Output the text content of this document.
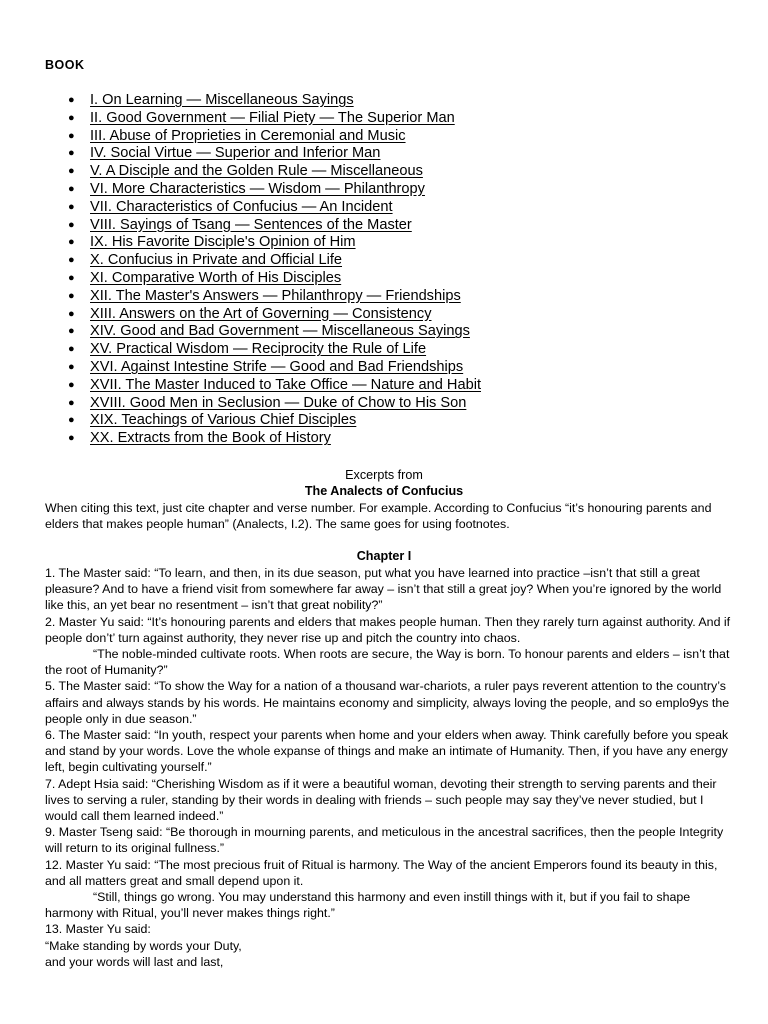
BOOK
● I. On Learning — Miscellaneous Sayings
● II. Good Government — Filial Piety — The Superior Man
● III. Abuse of Proprieties in Ceremonial and Music
● IV. Social Virtue — Superior and Inferior Man
● V. A Disciple and the Golden Rule — Miscellaneous
● VI. More Characteristics — Wisdom — Philanthropy
● VII. Characteristics of Confucius — An Incident
● VIII. Sayings of Tsang — Sentences of the Master
● IX. His Favorite Disciple's Opinion of Him
● X. Confucius in Private and Official Life
● XI. Comparative Worth of His Disciples
● XII. The Master's Answers — Philanthropy — Friendships
● XIII. Answers on the Art of Governing — Consistency
● XIV. Good and Bad Government — Miscellaneous Sayings
● XV. Practical Wisdom — Reciprocity the Rule of Life
● XVI. Against Intestine Strife — Good and Bad Friendships
● XVII. The Master Induced to Take Office — Nature and Habit
● XVIII. Good Men in Seclusion — Duke of Chow to His Son
● XIX. Teachings of Various Chief Disciples
● XX. Extracts from the Book of History
Excerpts from
The Analects of Confucius
When citing this text, just cite chapter and verse number. For example. According to Confucius “it’s honouring parents and elders that makes people human” (Analects, I.2). The same goes for using footnotes.
Chapter I

1. The Master said: “To learn, and then, in its due season, put what you have learned into practice –isn’t that still a great pleasure? And to have a friend visit from somewhere far away – isn’t that still a great joy? When you’re ignored by the world like this, an yet bear no resentment – isn’t that great nobility?”

2. Master Yu said: “It’s honouring parents and elders that makes people human. Then they rarely turn against authority. And if people don’t’ turn against authority, they never rise up and pitch the country into chaos.

“The noble-minded cultivate roots. When roots are secure, the Way is born. To honour parents and elders – isn’t that the root of Humanity?”

5. The Master said: “To show the Way for a nation of a thousand war-chariots, a ruler pays reverent attention to the country’s affairs and always stands by his words. He maintains economy and simplicity, always loving the people, and so emplo9ys the people only in due season.”

6. The Master said: “In youth, respect your parents when home and your elders when away. Think carefully before you speak and stand by your words. Love the whole expanse of things and make an intimate of Humanity. Then, if you have any energy left, begin cultivating yourself.”

7. Adept Hsia said: “Cherishing Wisdom as if it were a beautiful woman, devoting their strength to serving parents and their lives to serving a ruler, standing by their words in dealing with friends – such people may say they’ve never studied, but I would call them learned indeed.”

9. Master Tseng said: “Be thorough in mourning parents, and meticulous in the ancestral sacrifices, then the people Integrity will return to its original fullness.”

12. Master Yu said: “The most precious fruit of Ritual is harmony. The Way of the ancient Emperors found its beauty in this, and all matters great and small depend upon it.

“Still, things go wrong. You may understand this harmony and even instill things with it, but if you fail to shape harmony with Ritual, you’ll never makes things right.”

13. Master Yu said:

“Make standing by words your Duty,

and your words will last and last,
